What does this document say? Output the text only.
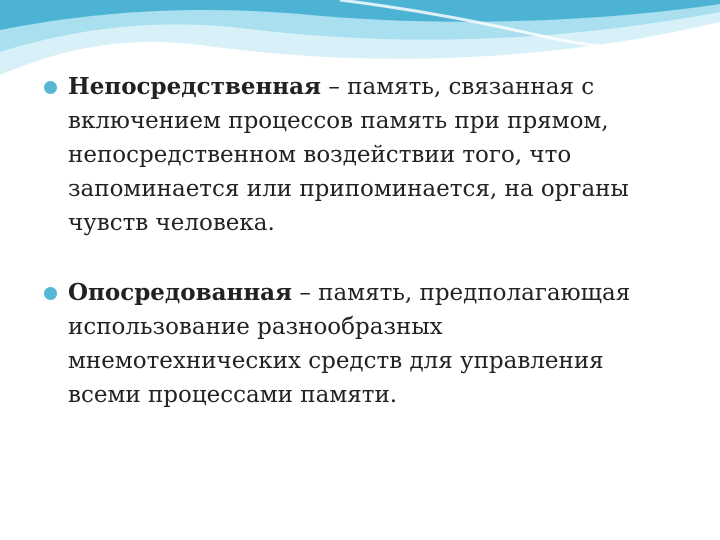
Непосредственная – память, связанная с включением процессов память при прямом, непосредственном воздействии того, что запоминается или припоминается, на органы чувств человека.
Опосредованная – память, предполагающая использование разнообразных мнемотехнических средств для управления всеми процессами памяти.
